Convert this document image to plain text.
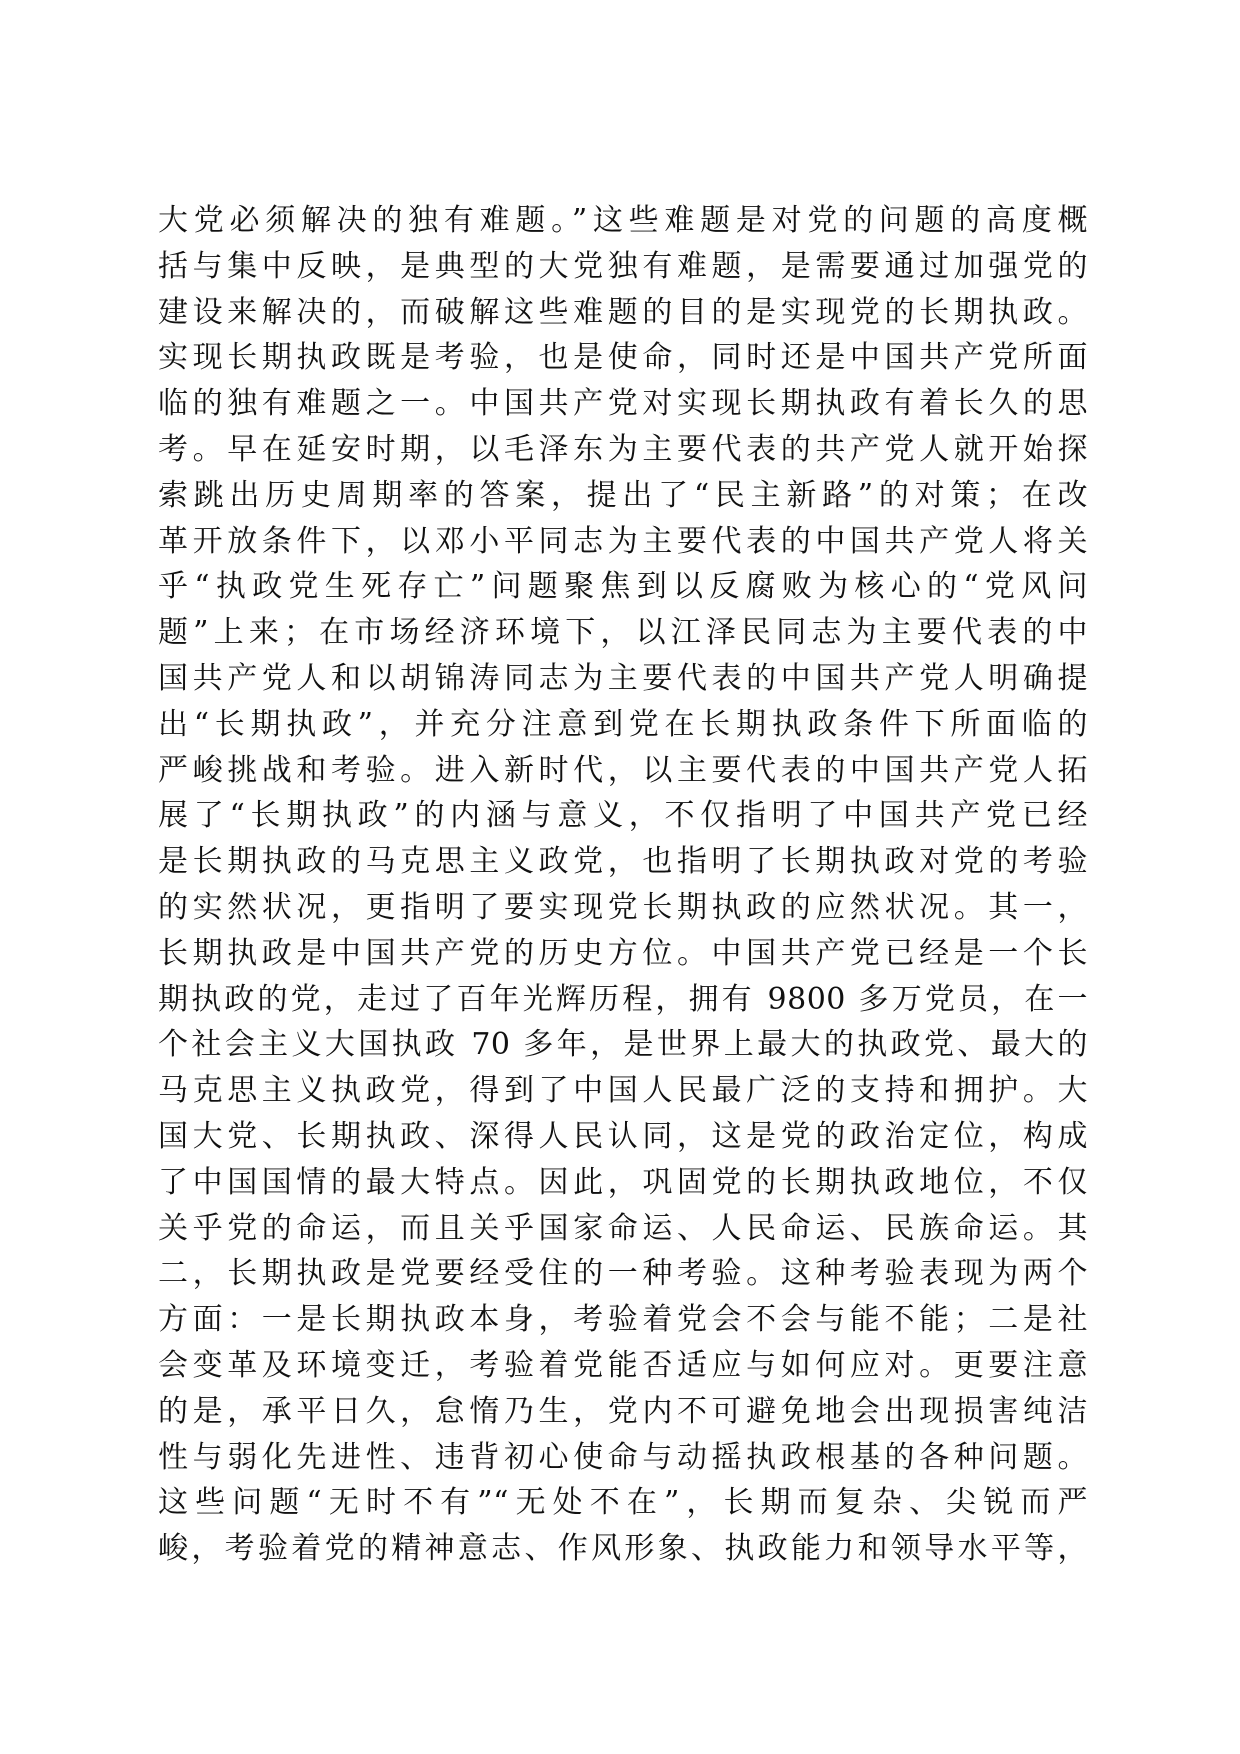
大党必须解决的独有难题。”这些难题是对党的问题的高度概
括与集中反映，是典型的大党独有难题，是需要通过加强党的
建设来解决的，而破解这些难题的目的是实现党的长期执政。
实现长期执政既是考验，也是使命，同时还是中国共产党所面
临的独有难题之一。中国共产党对实现长期执政有着长久的思
考。早在延安时期，以毛泽东为主要代表的共产党人就开始探
索跳出历史周期率的答案，提出了“民主新路”的对策；在改
革开放条件下，以邓小平同志为主要代表的中国共产党人将关
乎“执政党生死存亡”问题聚焦到以反腐败为核心的“党风问
题”上来；在市场经济环境下，以江泽民同志为主要代表的中
国共产党人和以胡锦涛同志为主要代表的中国共产党人明确提
出“长期执政”，并充分注意到党在长期执政条件下所面临的
严峻挑战和考验。进入新时代，以主要代表的中国共产党人拓
展了“长期执政”的内涵与意义，不仅指明了中国共产党已经
是长期执政的马克思主义政党，也指明了长期执政对党的考验
的实然状况，更指明了要实现党长期执政的应然状况。其一，
长期执政是中国共产党的历史方位。中国共产党已经是一个长
期执政的党，走过了百年光辉历程，拥有 9800 多万党员，在一
个社会主义大国执政 70 多年，是世界上最大的执政党、最大的
马克思主义执政党，得到了中国人民最广泛的支持和拥护。大
国大党、长期执政、深得人民认同，这是党的政治定位，构成
了中国国情的最大特点。因此，巩固党的长期执政地位，不仅
关乎党的命运，而且关乎国家命运、人民命运、民族命运。其
二，长期执政是党要经受住的一种考验。这种考验表现为两个
方面：一是长期执政本身，考验着党会不会与能不能；二是社
会变革及环境变迁，考验着党能否适应与如何应对。更要注意
的是，承平日久，怠惰乃生，党内不可避免地会出现损害纯洁
性与弱化先进性、违背初心使命与动摇执政根基的各种问题。
这些问题“无时不有”“无处不在”，长期而复杂、尖锐而严
峻，考验着党的精神意志、作风形象、执政能力和领导水平等，
